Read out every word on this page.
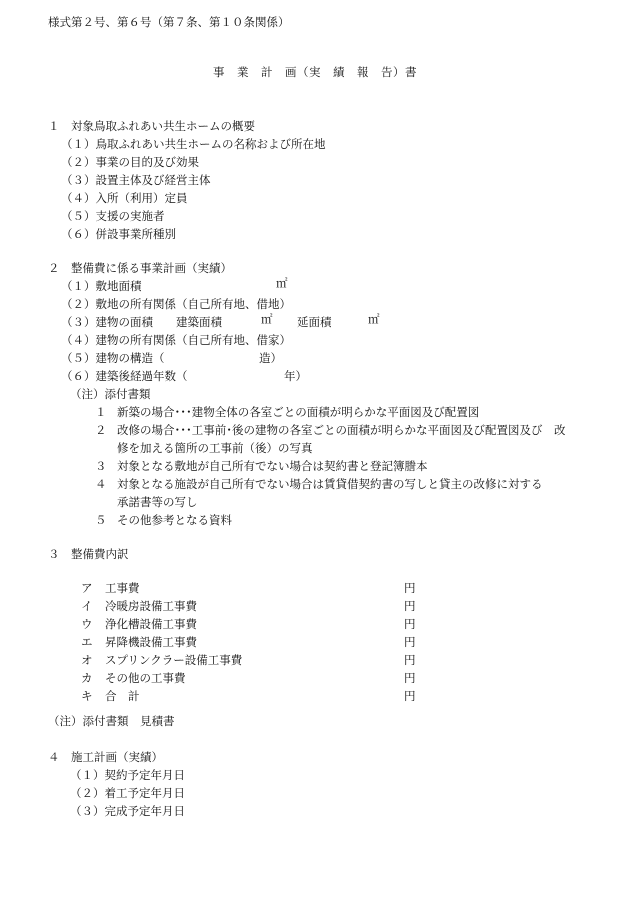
様式第２号、第６号（第７条、第１０条関係）
事　業　計　画（実　績　報　告）書
１　対象鳥取ふれあい共生ホームの概要
（１）鳥取ふれあい共生ホームの名称および所在地
（２）事業の目的及び効果
（３）設置主体及び経営主体
（４）入所（利用）定員
（５）支援の実施者
（６）併設事業所種別
２　整備費に係る事業計画（実績）
（１）敷地面積	㎡
（２）敷地の所有関係（自己所有地、借地）
（３）建物の面積 建築面積	㎡ 延面積	㎡
（４）建物の所有関係（自己所有地、借家）
（５）建物の構造（	造）
（６）建築後経過年数（	年）
（注）添付書類
１ 新築の場合･･･建物全体の各室ごとの面積が明らかな平面図及び配置図
２ 改修の場合･･･工事前･後の建物の各室ごとの面積が明らかな平面図及び配置図及び　改
修を加える箇所の工事前（後）の写真
３ 対象となる敷地が自己所有でない場合は契約書と登記簿謄本
４ 対象となる施設が自己所有でない場合は賃貸借契約書の写しと貸主の改修に対する
承諾書等の写し
５ その他参考となる資料
３　整備費内訳
ア 工事費	円
イ 冷暖房設備工事費	円
ウ 浄化槽設備工事費	円
エ 昇降機設備工事費	円
オ スプリンクラー設備工事費	円
カ その他の工事費	円
キ 合　計	円
（注）添付書類　見積書
４　施工計画（実績）
（１）契約予定年月日
（２）着工予定年月日
（３）完成予定年月日
